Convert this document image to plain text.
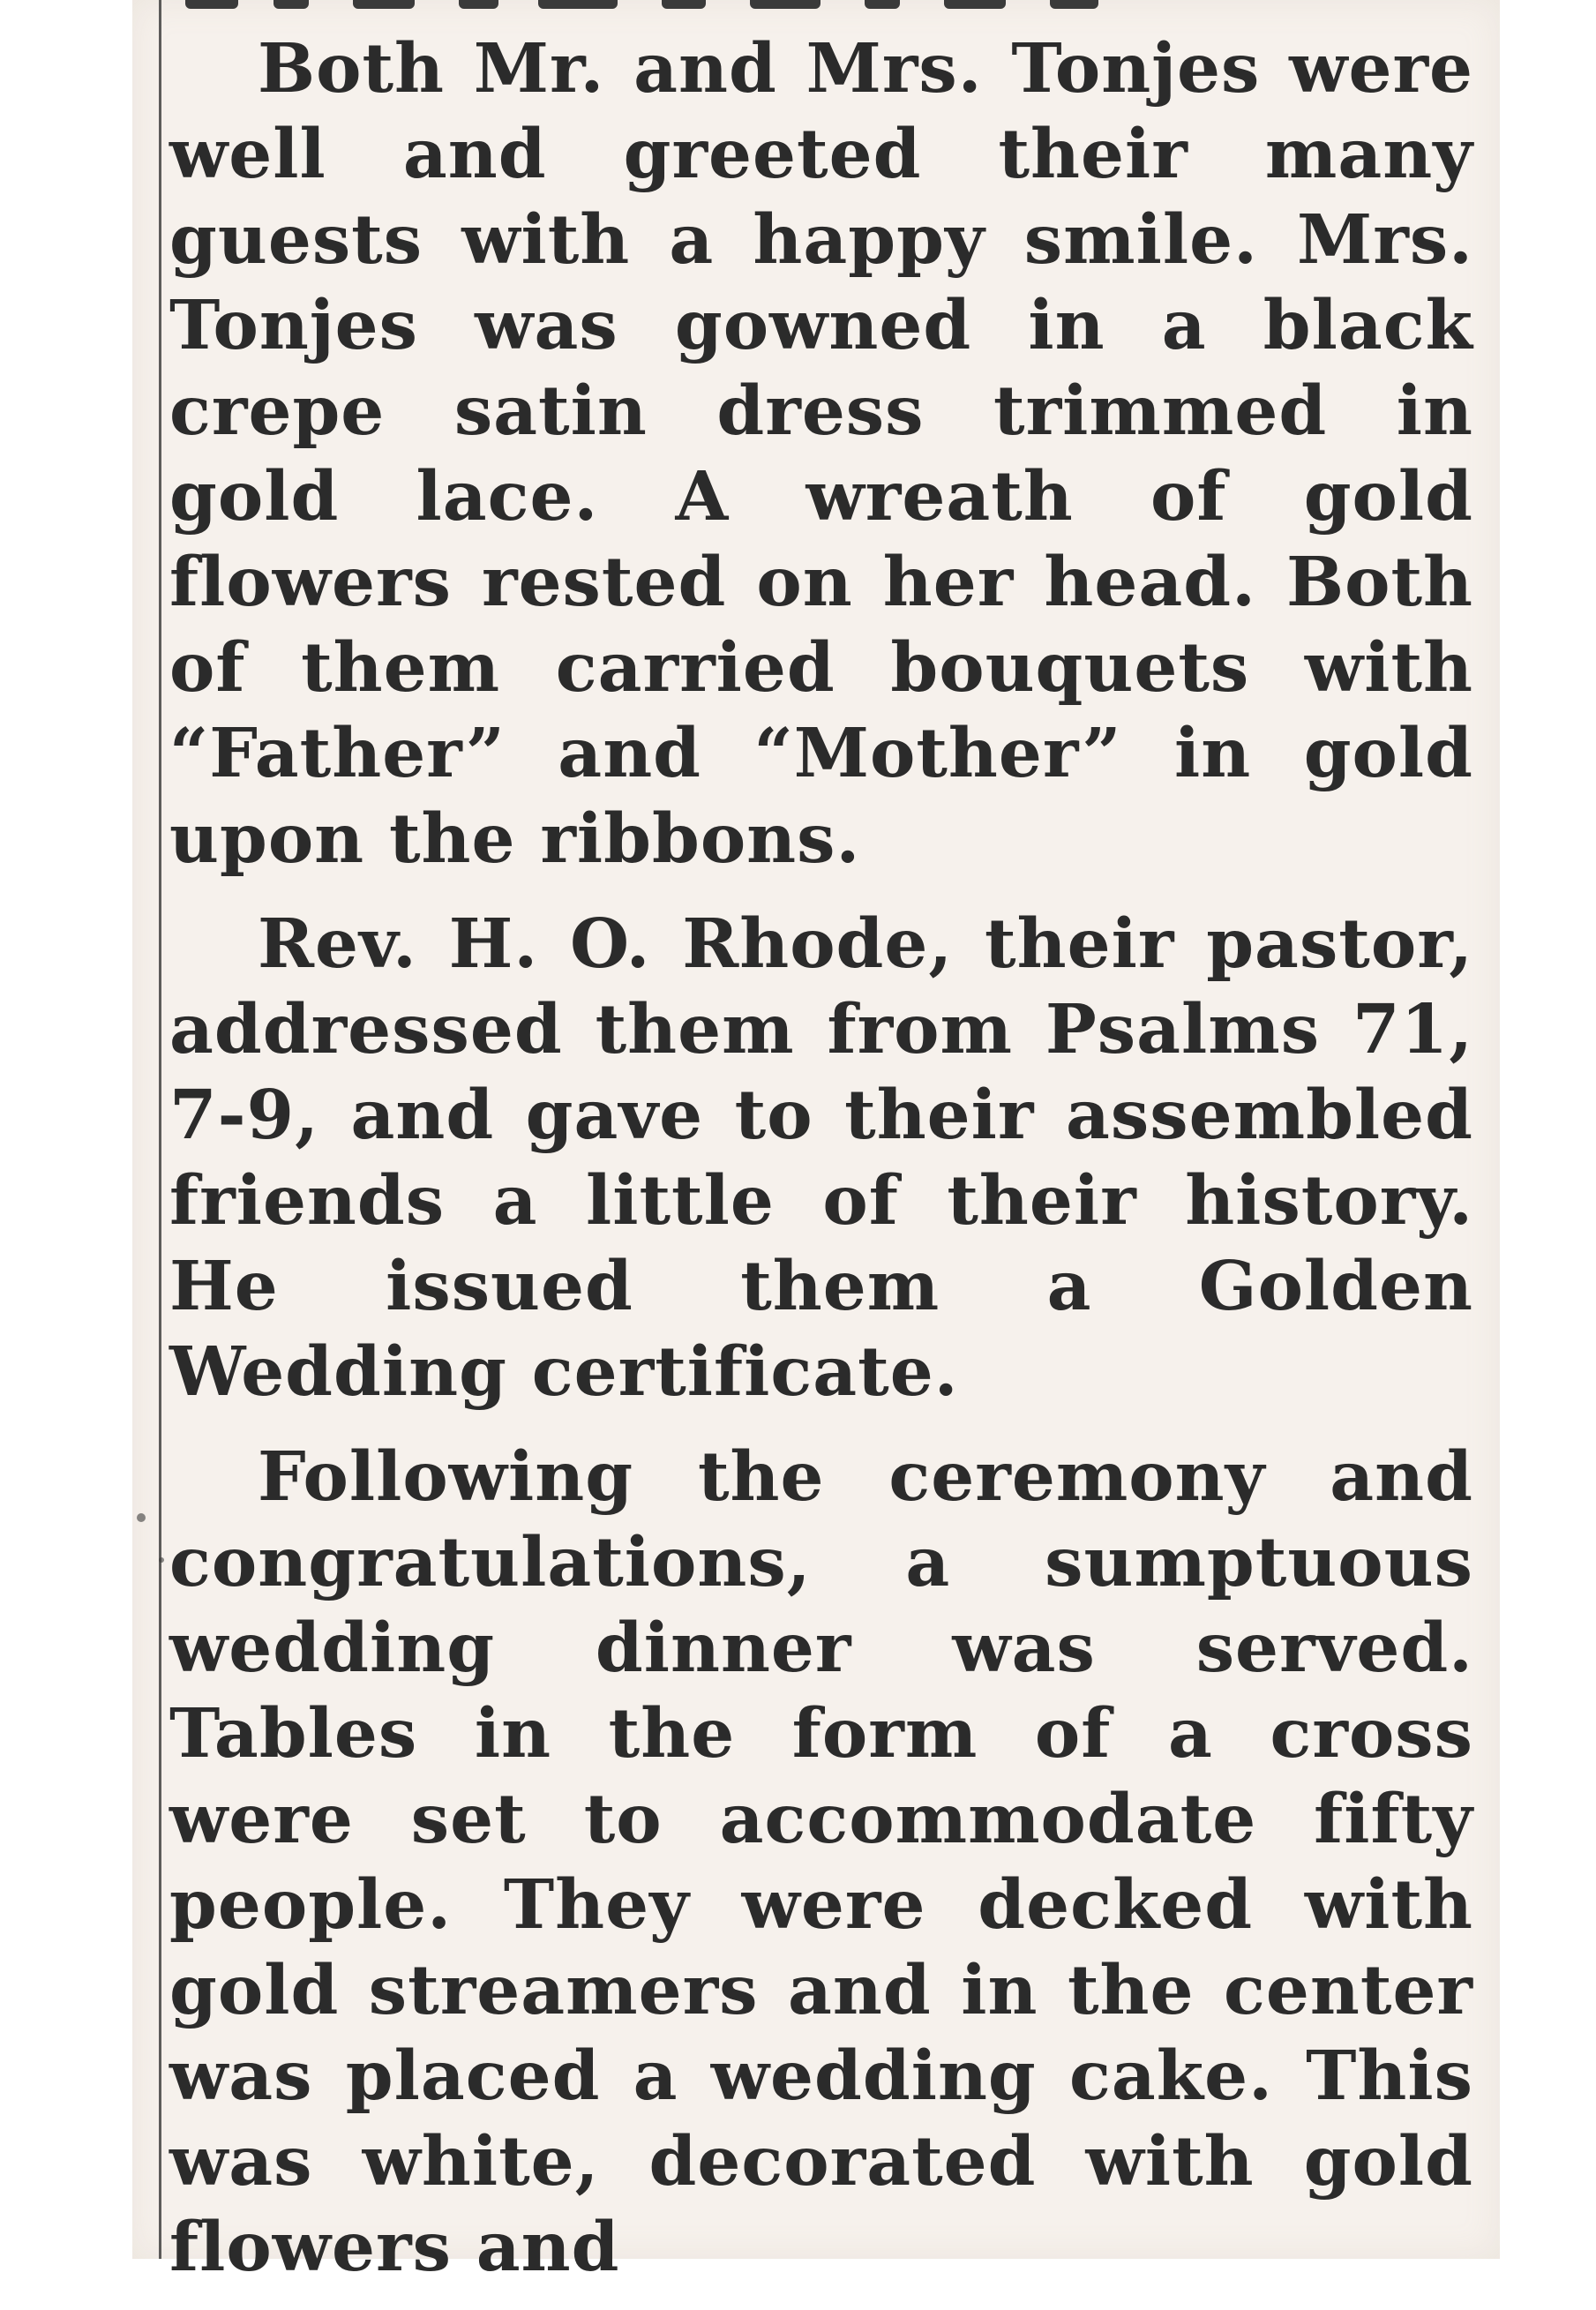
Both Mr. and Mrs. Tonjes were well and greeted their many guests with a happy smile. Mrs. Tonjes was gowned in a black crepe satin dress trimmed in gold lace. A wreath of gold flowers rested on her head. Both of them carried bouquets with “Father” and “Mother” in gold upon the ribbons.

Rev. H. O. Rhode, their pastor, addressed them from Psalms 71, 7-9, and gave to their assembled friends a little of their history. He issued them a Golden Wedding certificate.

Following the ceremony and congratulations, a sumptuous wedding dinner was served. Tables in the form of a cross were set to accommodate fifty people. They were decked with gold streamers and in the center was placed a wedding cake. This was white, decorated with gold flowers and
